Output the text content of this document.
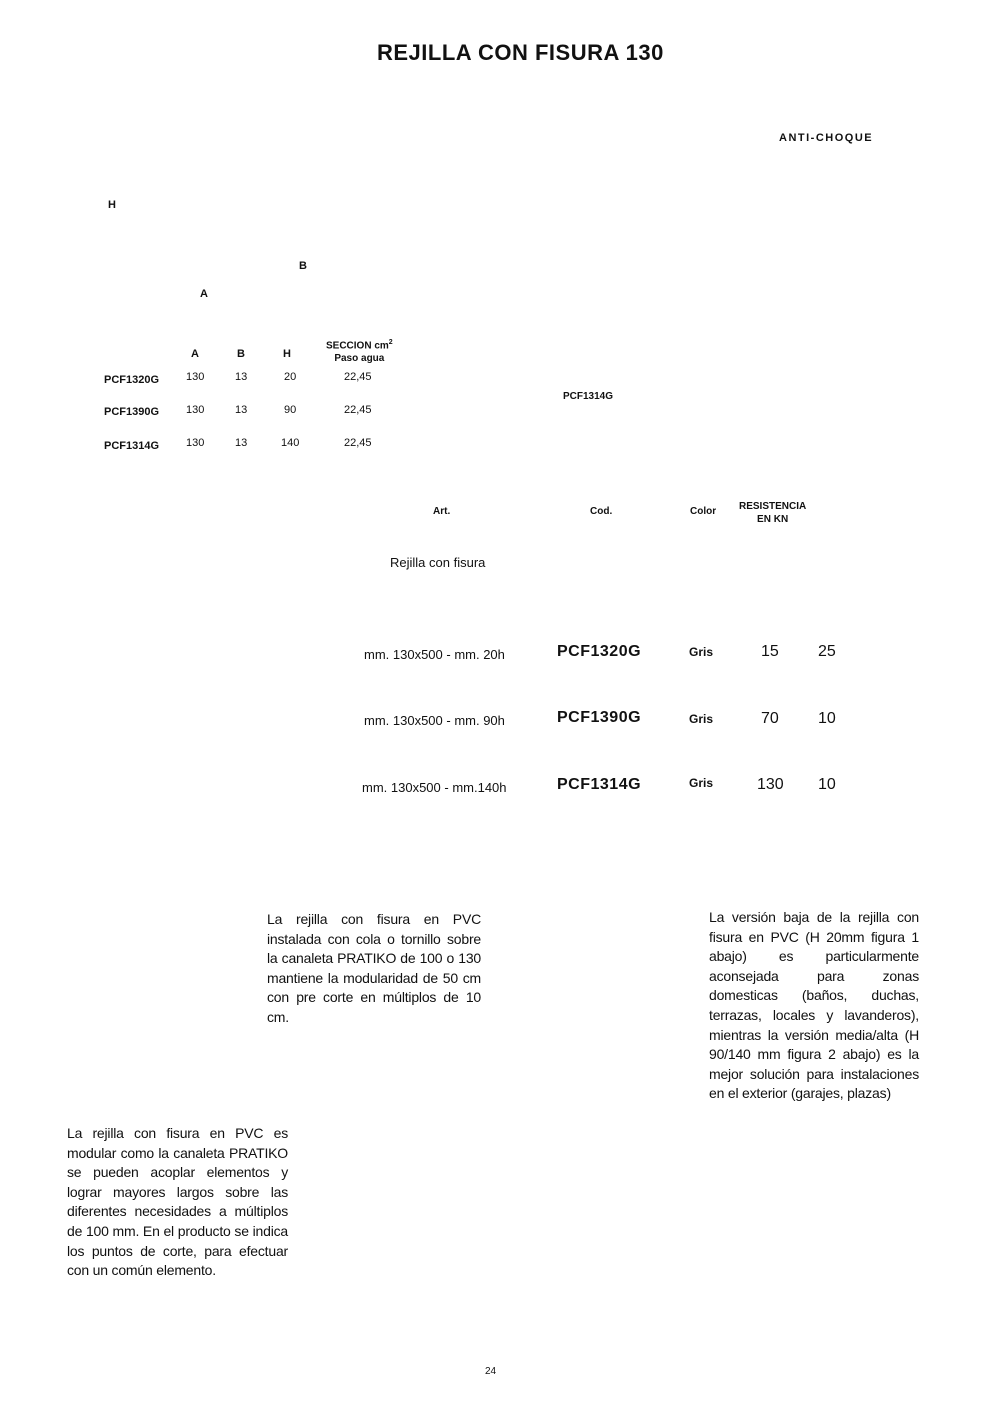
REJILLA CON FISURA 130
ANTI-CHOQUE
H
B
A
A	B	H
SECCION $cm^2$
Paso agua
PCF1320G 130	13	20	22,45
PCF1390G 130	13	90	22,45
PCF1314G 130	13	140	22,45
PCF1314G
Art.	Cod.	Color RESISTENCIA
EN KN
Rejilla con fisura
mm. 130x500 - mm. 20h	PCF1320G	Gris	15 25
mm. 130x500 - mm. 90h	PCF1390G	Gris	70 10
mm. 130x500 - mm.140h	PCF1314G	Gris	130 10
La rejilla con fisura en PVC instalada con cola o tornillo sobre la canaleta PRATIKO de 100 o 130 mantiene la modularidad de 50 cm con pre corte en múltiplos de 10 cm.
La versión baja de la rejilla con fisura en PVC (H 20mm figura 1 abajo) es particularmente aconsejada para zonas domesticas (baños, duchas, terrazas, locales y lavanderos), mientras la versión media/alta (H 90/140 mm figura 2 abajo) es la mejor solución para instalaciones en el exterior (garajes, plazas)
La rejilla con fisura en PVC es modular como la canaleta PRATIKO se pueden acoplar elementos y lograr mayores largos sobre las diferentes necesidades a múltiplos de 100 mm. En el producto se indica los puntos de corte, para efectuar con un común elemento.
24
